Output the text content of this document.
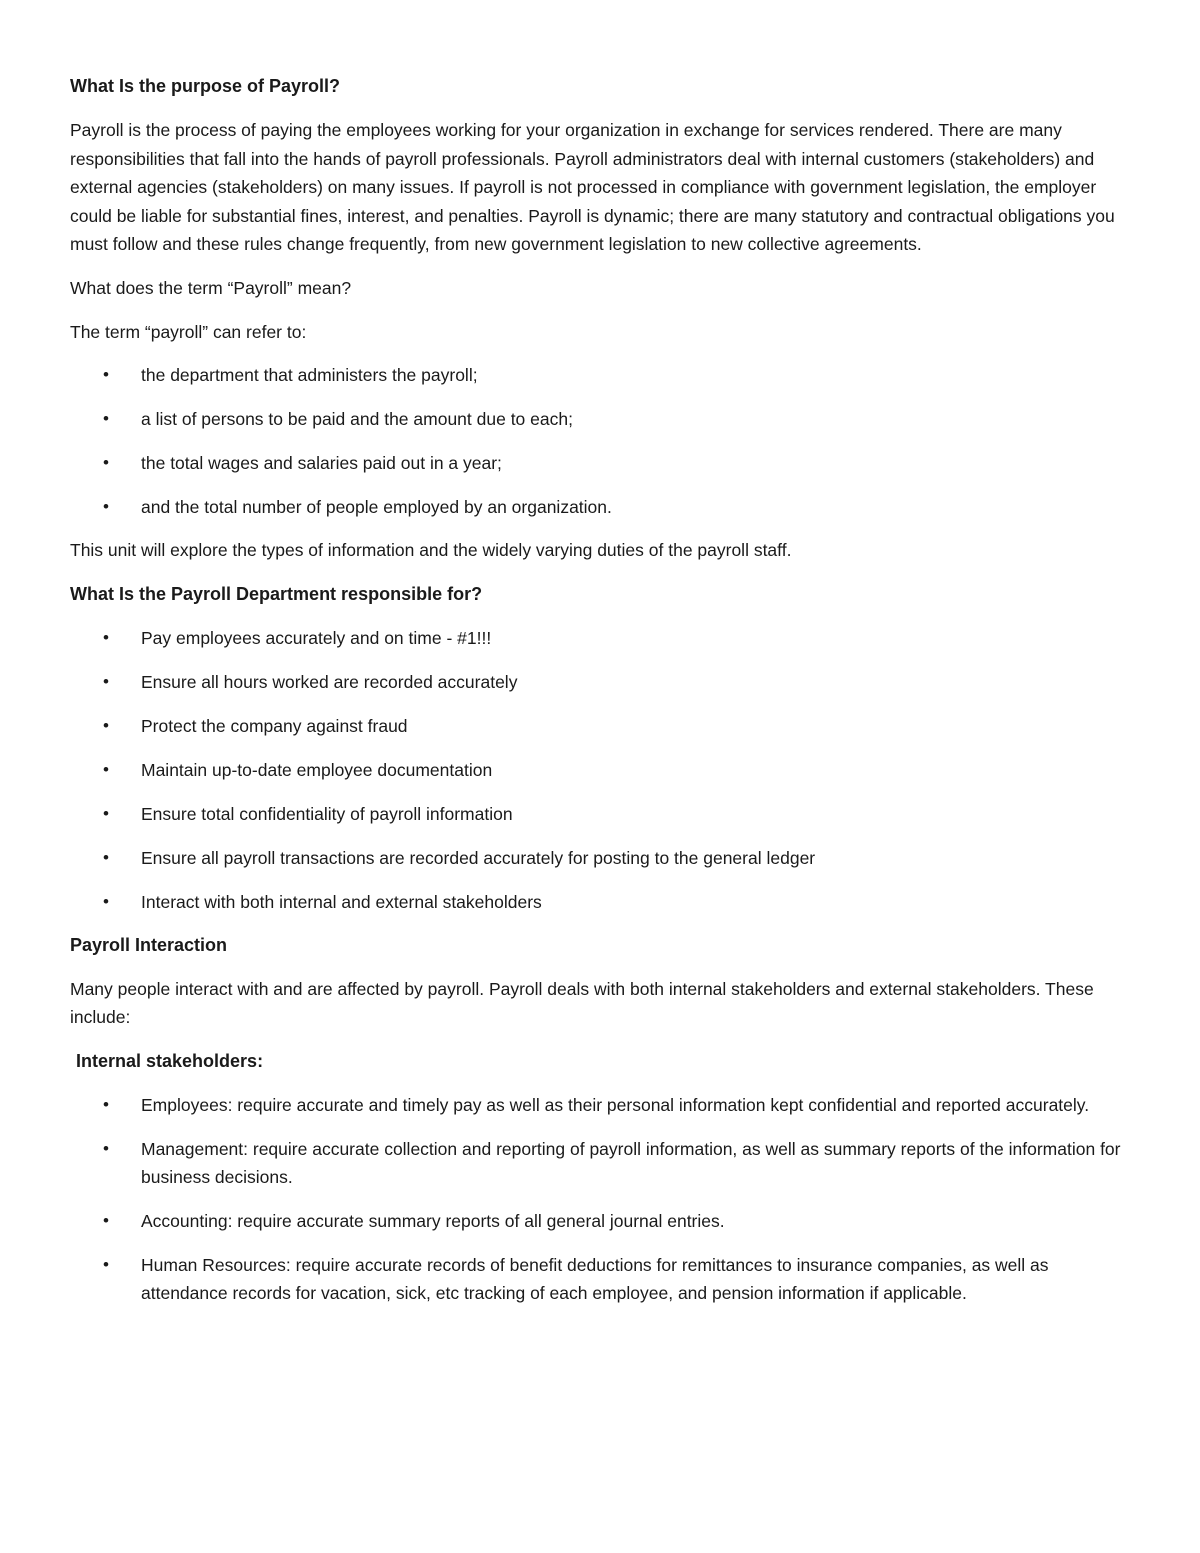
What Is the purpose of Payroll?

Payroll is the process of paying the employees working for your organization in exchange for services rendered. There are many responsibilities that fall into the hands of payroll professionals. Payroll administrators deal with internal customers (stakeholders) and external agencies (stakeholders) on many issues. If payroll is not processed in compliance with government legislation, the employer could be liable for substantial fines, interest, and penalties. Payroll is dynamic; there are many statutory and contractual obligations you must follow and these rules change frequently, from new government legislation to new collective agreements.

What does the term “Payroll” mean?

The term “payroll” can refer to:

• the department that administers the payroll;
• a list of persons to be paid and the amount due to each;
• the total wages and salaries paid out in a year;
• and the total number of people employed by an organization.

This unit will explore the types of information and the widely varying duties of the payroll staff.

What Is the Payroll Department responsible for?
• Pay employees accurately and on time - #1!!!
• Ensure all hours worked are recorded accurately
• Protect the company against fraud
• Maintain up-to-date employee documentation
• Ensure total confidentiality of payroll information
• Ensure all payroll transactions are recorded accurately for posting to the general ledger
• Interact with both internal and external stakeholders
Payroll Interaction

Many people interact with and are affected by payroll. Payroll deals with both internal stakeholders and external stakeholders. These include:

Internal stakeholders:
• Employees: require accurate and timely pay as well as their personal information kept confidential and reported accurately.
• Management: require accurate collection and reporting of payroll information, as well as summary reports of the information for business decisions.
• Accounting: require accurate summary reports of all general journal entries.
• Human Resources: require accurate records of benefit deductions for remittances to insurance companies, as well as attendance records for vacation, sick, etc tracking of each employee, and pension information if applicable.
